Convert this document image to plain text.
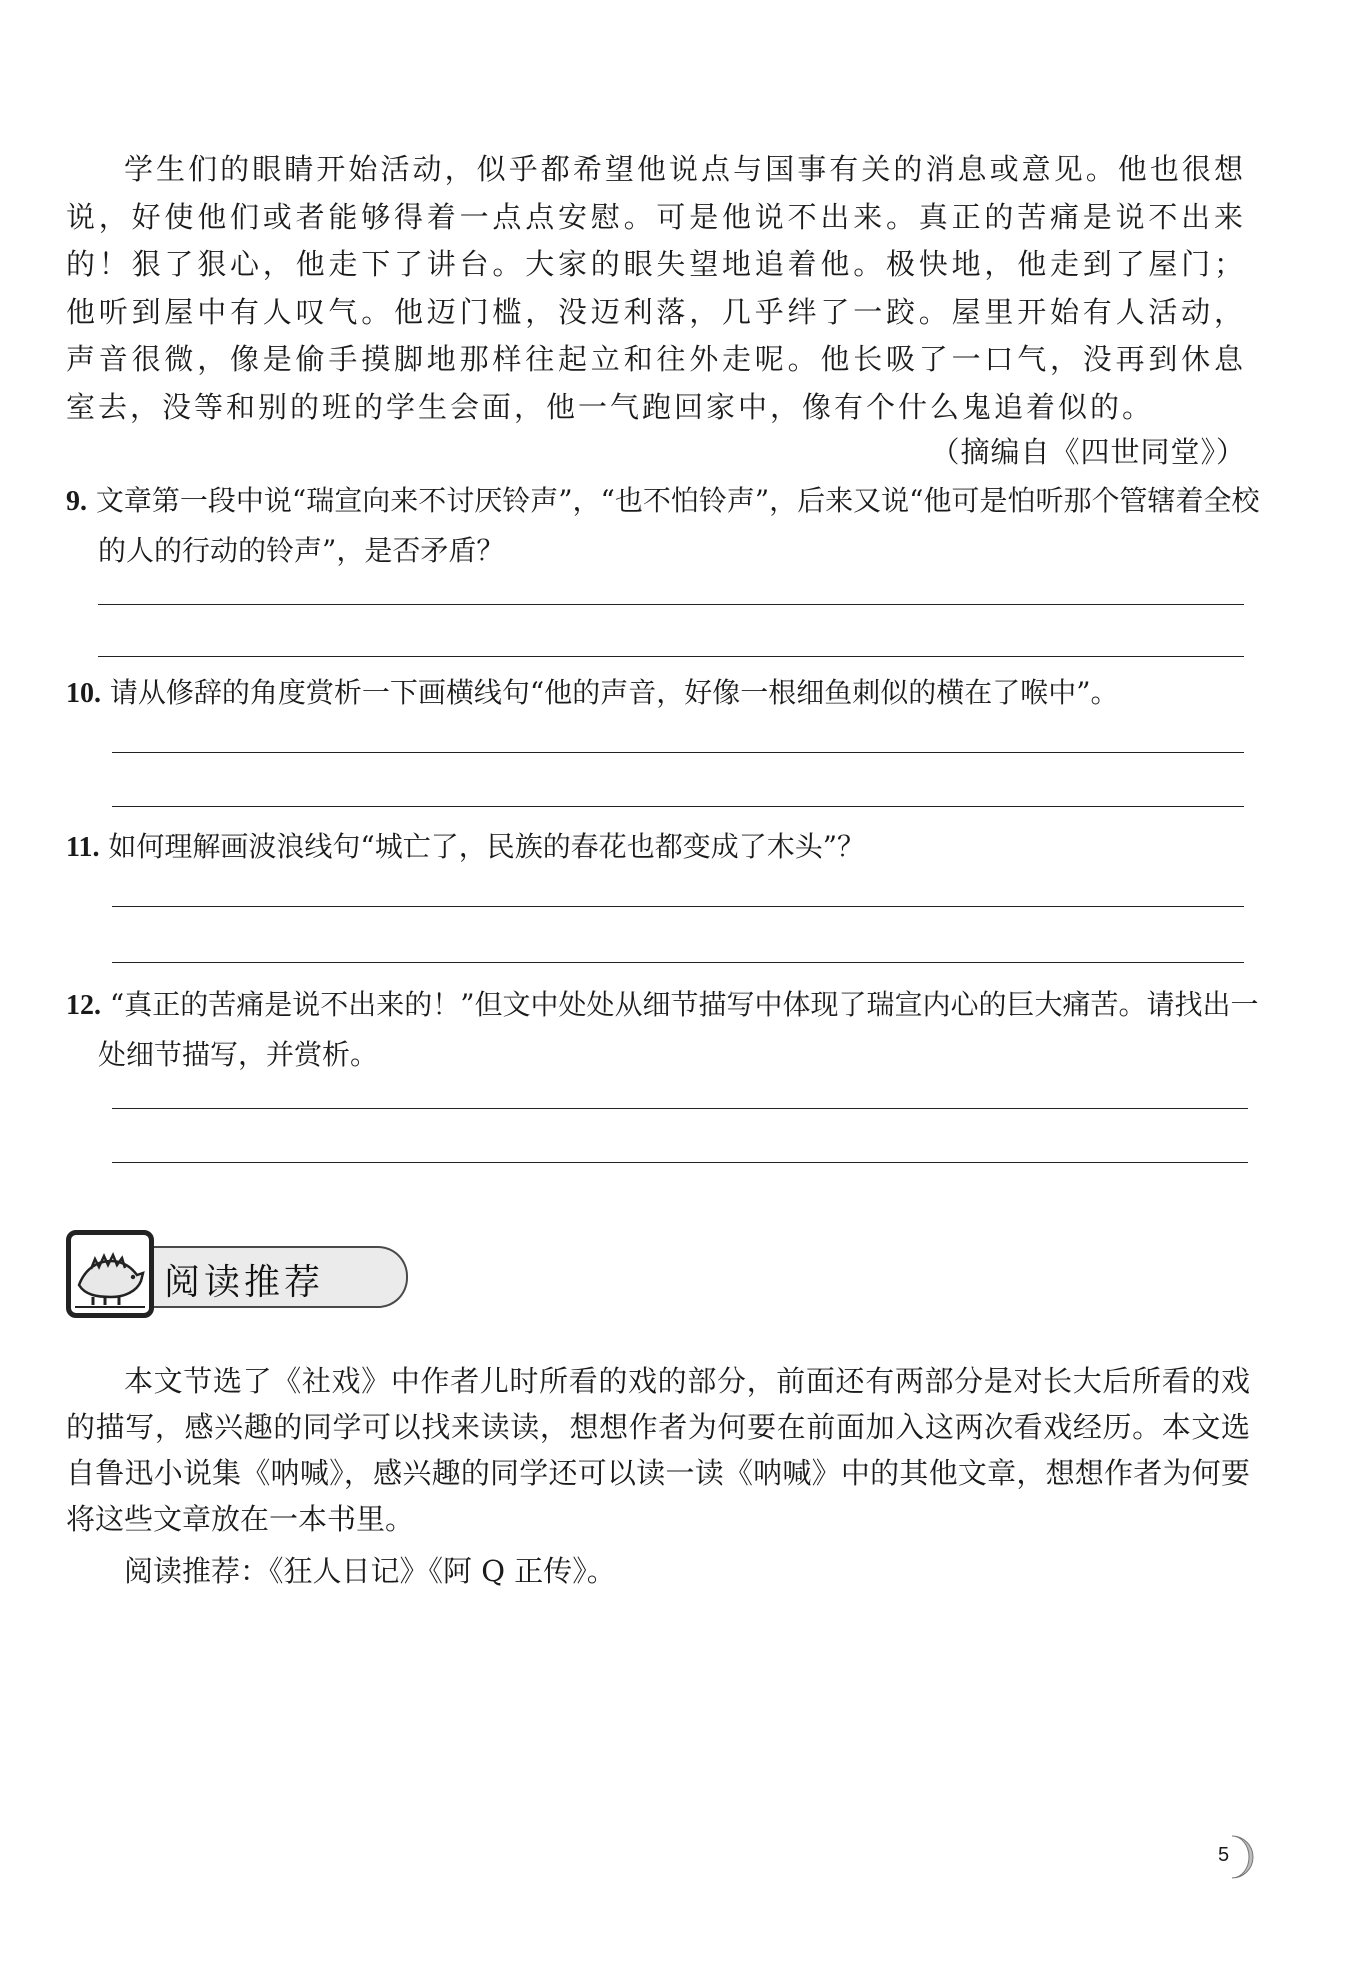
学生们的眼睛开始活动，似乎都希望他说点与国事有关的消息或意见。他也很想说，好使他们或者能够得着一点点安慰。可是他说不出来。真正的苦痛是说不出来的！狠了狠心，他走下了讲台。大家的眼失望地追着他。极快地，他走到了屋门；他听到屋中有人叹气。他迈门槛，没迈利落，几乎绊了一跤。屋里开始有人活动，声音很微，像是偷手摸脚地那样往起立和往外走呢。他长吸了一口气，没再到休息室去，没等和别的班的学生会面，他一气跑回家中，像有个什么鬼追着似的。

（摘编自《四世同堂》）
9. 文章第一段中说“瑞宣向来不讨厌铃声”，“也不怕铃声”，后来又说“他可是怕听那个管辖着全校的人的行动的铃声”，是否矛盾？
10. 请从修辞的角度赏析一下画横线句“他的声音，好像一根细鱼刺似的横在了喉中”。
11. 如何理解画波浪线句“城亡了，民族的春花也都变成了木头”？
12. “真正的苦痛是说不出来的！”但文中处处从细节描写中体现了瑞宣内心的巨大痛苦。请找出一处细节描写，并赏析。
阅读推荐

本文节选了《社戏》中作者儿时所看的戏的部分，前面还有两部分是对长大后所看的戏的描写，感兴趣的同学可以找来读读，想想作者为何要在前面加入这两次看戏经历。本文选自鲁迅小说集《呐喊》，感兴趣的同学还可以读一读《呐喊》中的其他文章，想想作者为何要将这些文章放在一本书里。

阅读推荐：《狂人日记》《阿 Q 正传》。
5
